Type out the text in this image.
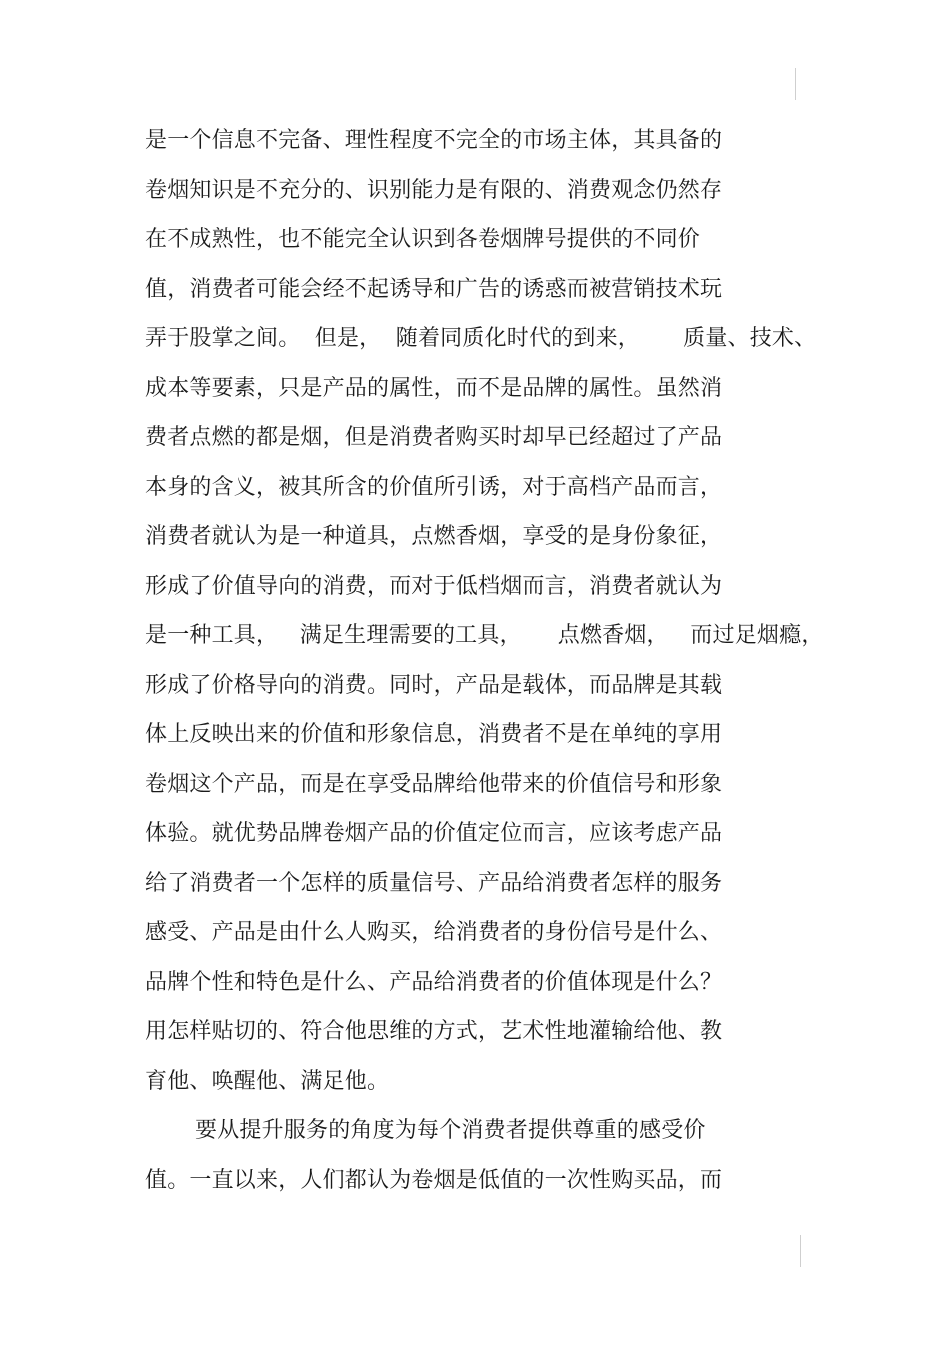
是一个信息不完备、理性程度不完全的市场主体，其具备的
卷烟知识是不充分的、识别能力是有限的、消费观念仍然存
在不成熟性，也不能完全认识到各卷烟牌号提供的不同价
值，消费者可能会经不起诱导和广告的诱惑而被营销技术玩
弄于股掌之间。  但是，  随着同质化时代的到来，      质量、技术、
成本等要素，只是产品的属性，而不是品牌的属性。虽然消
费者点燃的都是烟，但是消费者购买时却早已经超过了产品
本身的含义，被其所含的价值所引诱，对于高档产品而言，
消费者就认为是一种道具，点燃香烟，享受的是身份象征，
形成了价值导向的消费，而对于低档烟而言，消费者就认为
是一种工具，   满足生理需要的工具，     点燃香烟，   而过足烟瘾，
形成了价格导向的消费。同时，产品是载体，而品牌是其载
体上反映出来的价值和形象信息，消费者不是在单纯的享用
卷烟这个产品，而是在享受品牌给他带来的价值信号和形象
体验。就优势品牌卷烟产品的价值定位而言，应该考虑产品
给了消费者一个怎样的质量信号、产品给消费者怎样的服务
感受、产品是由什么人购买，给消费者的身份信号是什么、
品牌个性和特色是什么、产品给消费者的价值体现是什么？
用怎样贴切的、符合他思维的方式，艺术性地灌输给他、教
育他、唤醒他、满足他。
要从提升服务的角度为每个消费者提供尊重的感受价
值。一直以来，人们都认为卷烟是低值的一次性购买品，而
